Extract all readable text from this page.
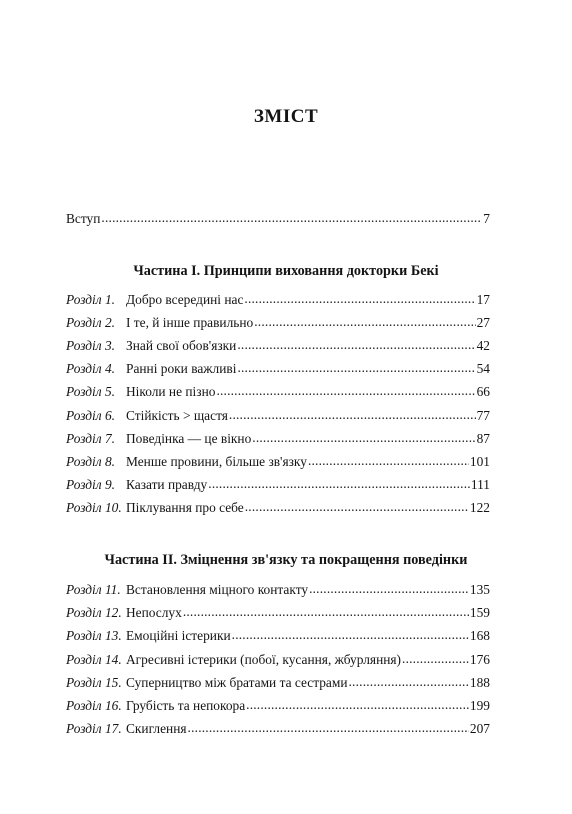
ЗМІСТ
Вступ .....	7
Частина І. Принципи виховання докторки Бекі
Розділ 1. Добро всередині нас .....	17
Розділ 2. І те, й інше правильно .....	27
Розділ 3. Знай свої обов'язки .....	42
Розділ 4. Ранні роки важливі .....	54
Розділ 5. Ніколи не пізно .....	66
Розділ 6. Стійкість > щастя .....	77
Розділ 7. Поведінка — це вікно .....	87
Розділ 8. Менше провини, більше зв'язку .....	101
Розділ 9. Казати правду .....	111
Розділ 10. Піклування про себе .....	122
Частина ІІ. Зміцнення зв'язку та покращення поведінки
Розділ 11. Встановлення міцного контакту .....	135
Розділ 12. Непослух .....	159
Розділ 13. Емоційні істерики .....	168
Розділ 14. Агресивні істерики (побої, кусання, жбурляння) .....	176
Розділ 15. Суперництво між братами та сестрами .....	188
Розділ 16. Грубість та непокора .....	199
Розділ 17. Скиглення .....	207
